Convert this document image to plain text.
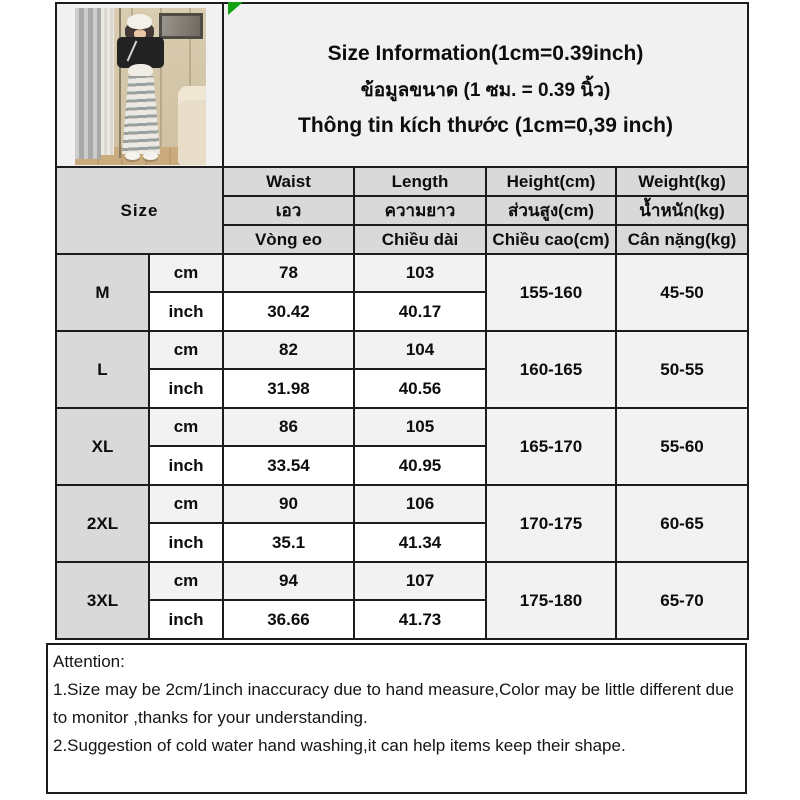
		Size Information(1cm=0.39inch)
ข้อมูลขนาด (1 ซม. = 0.39 นิ้ว)
Thông tin kích thước (1cm=0,39 inch)			

Size		Waist	Length	Height(cm)	Weight(kg)
		เอว	ความยาว	ส่วนสูง(cm)	น้ำหนัก(kg)
		Vòng eo	Chiều dài	Chiều cao(cm)	Cân nặng(kg)
M	cm	78	103	155-160	45-50
	inch	30.42	40.17		
L	cm	82	104	160-165	50-55
	inch	31.98	40.56		
XL	cm	86	105	165-170	55-60
	inch	33.54	40.95		
2XL	cm	90	106	170-175	60-65
	inch	35.1	41.34		
3XL	cm	94	107	175-180	65-70
	inch	36.66	41.73		
Attention:
1.Size may be 2cm/1inch inaccuracy due to hand measure,Color may be little different due to monitor ,thanks for your understanding.
2.Suggestion of cold water hand washing,it can help items keep their shape.
